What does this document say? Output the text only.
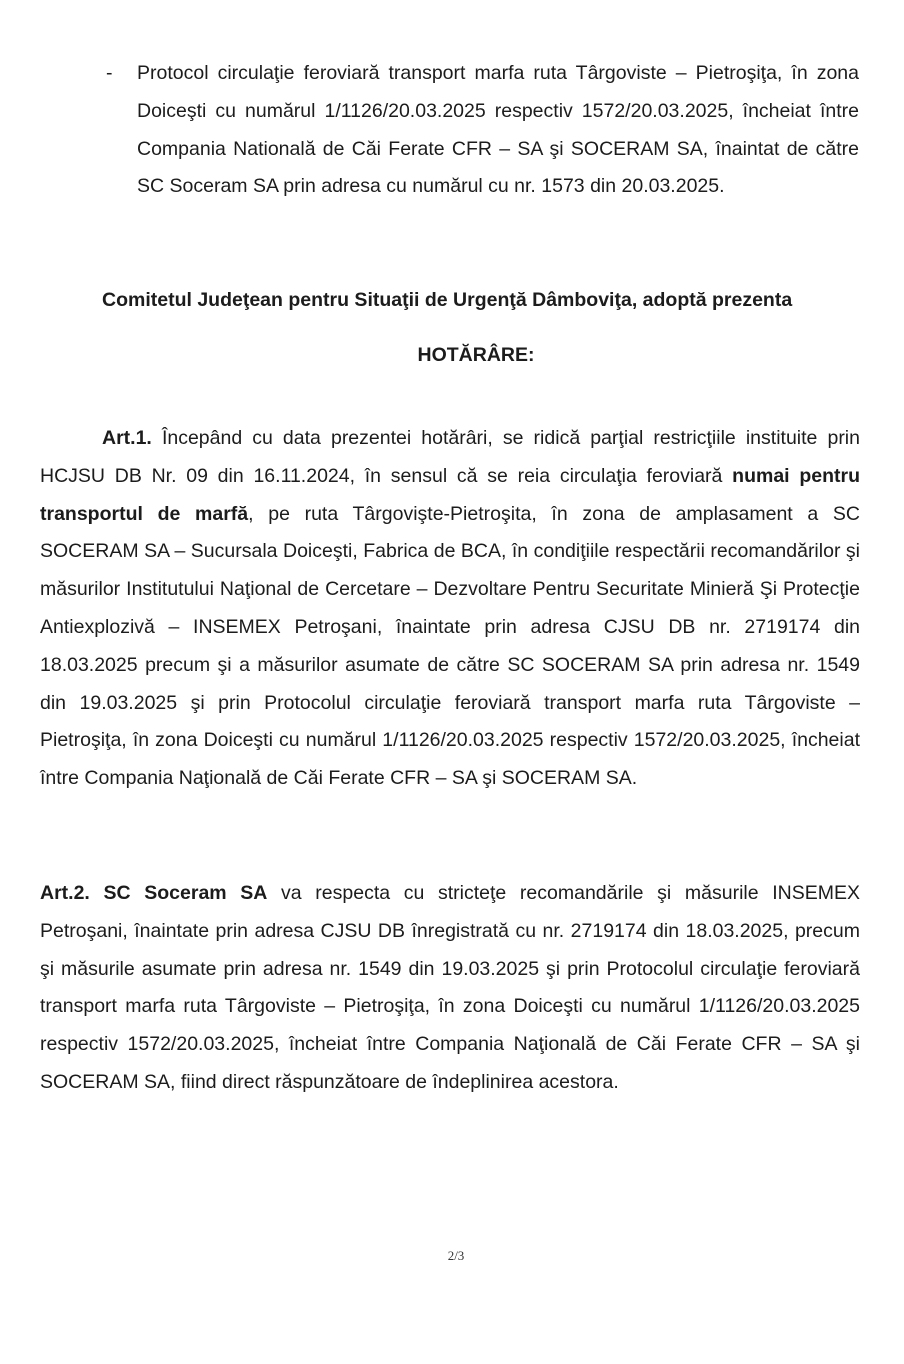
- Protocol circulaţie feroviară transport marfa ruta Târgoviste – Pietroşiţa, în zona Doiceşti cu numărul 1/1126/20.03.2025 respectiv 1572/20.03.2025, încheiat între Compania Natională de Căi Ferate CFR – SA şi SOCERAM SA, înaintat de către SC Soceram SA prin adresa cu numărul cu nr. 1573 din 20.03.2025.
Comitetul Judeţean pentru Situaţii de Urgenţă Dâmboviţa, adoptă prezenta
HOTĂRÂRE:
Art.1. Începând cu data prezentei hotărâri, se ridică parţial restricţiile instituite prin HCJSU DB Nr. 09 din 16.11.2024, în sensul că se reia circulaţia feroviară numai pentru transportul de marfă, pe ruta Târgovişte-Pietroşita, în zona de amplasament a SC SOCERAM SA – Sucursala Doiceşti, Fabrica de BCA, în condiţiile respectării recomandărilor şi măsurilor Institutului Naţional de Cercetare – Dezvoltare Pentru Securitate Minieră Şi Protecţie Antiexplozivă – INSEMEX Petroşani, înaintate prin adresa CJSU DB nr. 2719174 din 18.03.2025 precum şi a măsurilor asumate de către SC SOCERAM SA prin adresa nr. 1549 din 19.03.2025 şi prin Protocolul circulaţie feroviară transport marfa ruta Târgoviste – Pietroşiţa, în zona Doiceşti cu numărul 1/1126/20.03.2025 respectiv 1572/20.03.2025, încheiat între Compania Naţională de Căi Ferate CFR – SA şi SOCERAM SA.
Art.2. SC Soceram SA va respecta cu stricteţe recomandările şi măsurile INSEMEX Petroşani, înaintate prin adresa CJSU DB înregistrată cu nr. 2719174 din 18.03.2025, precum şi măsurile asumate prin adresa nr. 1549 din 19.03.2025 şi prin Protocolul circulaţie feroviară transport marfa ruta Târgoviste – Pietroşiţa, în zona Doiceşti cu numărul 1/1126/20.03.2025 respectiv 1572/20.03.2025, încheiat între Compania Naţională de Căi Ferate CFR – SA şi SOCERAM SA, fiind direct răspunzătoare de îndeplinirea acestora.
2/3
